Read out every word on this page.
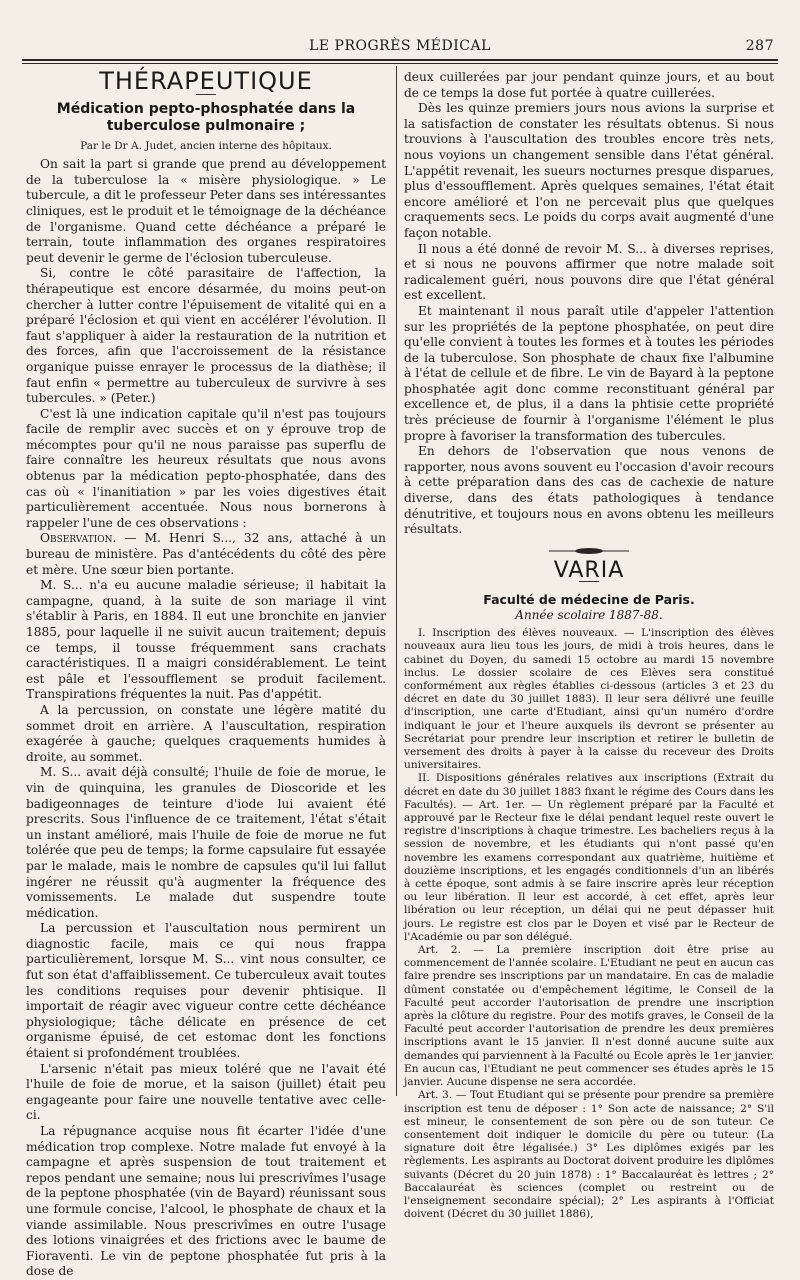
LE PROGRÈS MÉDICAL	287
THÉRAPEUTIQUE
Médication pepto-phosphatée dans la tuberculose pulmonaire ;
Par le Dr A. Judet, ancien interne des hôpitaux.

On sait la part si grande que prend au développement de la tuberculose la « misère physiologique. » Le tubercule, a dit le professeur Peter dans ses intéressantes cliniques, est le produit et le témoignage de la déchéance de l'organisme. Quand cette déchéance a préparé le terrain, toute inflammation des organes respiratoires peut devenir le germe de l'éclosion tuberculeuse.

Si, contre le côté parasitaire de l'affection, la thérapeutique est encore désarmée, du moins peut-on chercher à lutter contre l'épuisement de vitalité qui en a préparé l'éclosion et qui vient en accélérer l'évolution. Il faut s'appliquer à aider la restauration de la nutrition et des forces, afin que l'accroissement de la résistance organique puisse enrayer le processus de la diathèse; il faut enfin « permettre au tuberculeux de survivre à ses tubercules. » (Peter.)

C'est là une indication capitale qu'il n'est pas toujours facile de remplir avec succès et on y éprouve trop de mécomptes pour qu'il ne nous paraisse pas superflu de faire connaître les heureux résultats que nous avons obtenus par la médication pepto-phosphatée, dans des cas où « l'inanitiation » par les voies digestives était particulièrement accentuée. Nous nous bornerons à rappeler l'une de ces observations :

Observation. — M. Henri S..., 32 ans, attaché à un bureau de ministère. Pas d'antécédents du côté des père et mère. Une sœur bien portante.

M. S... n'a eu aucune maladie sérieuse; il habitait la campagne, quand, à la suite de son mariage il vint s'établir à Paris, en 1884. Il eut une bronchite en janvier 1885, pour laquelle il ne suivit aucun traitement; depuis ce temps, il tousse fréquemment sans crachats caractéristiques. Il a maigri considérablement. Le teint est pâle et l'essoufflement se produit facilement. Transpirations fréquentes la nuit. Pas d'appétit.

A la percussion, on constate une légère matité du sommet droit en arrière. A l'auscultation, respiration exagérée à gauche; quelques craquements humides à droite, au sommet.

M. S... avait déjà consulté; l'huile de foie de morue, le vin de quinquina, les granules de Dioscoride et les badigeonnages de teinture d'iode lui avaient été prescrits. Sous l'influence de ce traitement, l'état s'était un instant amélioré, mais l'huile de foie de morue ne fut tolérée que peu de temps; la forme capsulaire fut essayée par le malade, mais le nombre de capsules qu'il lui fallut ingérer ne réussit qu'à augmenter la fréquence des vomissements. Le malade dut suspendre toute médication.

La percussion et l'auscultation nous permirent un diagnostic facile, mais ce qui nous frappa particulièrement, lorsque M. S... vint nous consulter, ce fut son état d'affaiblissement. Ce tuberculeux avait toutes les conditions requises pour devenir phtisique. Il importait de réagir avec vigueur contre cette déchéance physiologique; tâche délicate en présence de cet organisme épuisé, de cet estomac dont les fonctions étaient si profondément troublées.

L'arsenic n'était pas mieux toléré que ne l'avait été l'huile de foie de morue, et la saison (juillet) était peu engageante pour faire une nouvelle tentative avec celle-ci.

La répugnance acquise nous fit écarter l'idée d'une médication trop complexe. Notre malade fut envoyé à la campagne et après suspension de tout traitement et repos pendant une semaine; nous lui prescrivîmes l'usage de la peptone phosphatée (vin de Bayard) réunissant sous une formule concise, l'alcool, le phosphate de chaux et la viande assimilable. Nous prescrivîmes en outre l'usage des lotions vinaigrées et des frictions avec le baume de Fioraventi. Le vin de peptone phosphatée fut pris à la dose de

deux cuillerées par jour pendant quinze jours, et au bout de ce temps la dose fut portée à quatre cuillerées.

Dès les quinze premiers jours nous avions la surprise et la satisfaction de constater les résultats obtenus. Si nous trouvions à l'auscultation des troubles encore très nets, nous voyions un changement sensible dans l'état général. L'appétit revenait, les sueurs nocturnes presque disparues, plus d'essoufflement. Après quelques semaines, l'état était encore amélioré et l'on ne percevait plus que quelques craquements secs. Le poids du corps avait augmenté d'une façon notable.

Il nous a été donné de revoir M. S... à diverses reprises, et si nous ne pouvons affirmer que notre malade soit radicalement guéri, nous pouvons dire que l'état général est excellent.

Et maintenant il nous paraît utile d'appeler l'attention sur les propriétés de la peptone phosphatée, on peut dire qu'elle convient à toutes les formes et à toutes les périodes de la tuberculose. Son phosphate de chaux fixe l'albumine à l'état de cellule et de fibre. Le vin de Bayard à la peptone phosphatée agit donc comme reconstituant général par excellence et, de plus, il a dans la phtisie cette propriété très précieuse de fournir à l'organisme l'élément le plus propre à favoriser la transformation des tubercules.

En dehors de l'observation que nous venons de rapporter, nous avons souvent eu l'occasion d'avoir recours à cette préparation dans des cas de cachexie de nature diverse, dans des états pathologiques à tendance dénutritive, et toujours nous en avons obtenu les meilleurs résultats.

VARIA
Faculté de médecine de Paris.
Année scolaire 1887-88.

I. Inscription des élèves nouveaux. — L'inscription des élèves nouveaux aura lieu tous les jours, de midi à trois heures, dans le cabinet du Doyen, du samedi 15 octobre au mardi 15 novembre inclus. Le dossier scolaire de ces Elèves sera constitué conformément aux règles établies ci-dessous (articles 3 et 23 du décret en date du 30 juillet 1883). Il leur sera délivré une feuille d'inscription, une carte d'Etudiant, ainsi qu'un numéro d'ordre indiquant le jour et l'heure auxquels ils devront se présenter au Secrétariat pour prendre leur inscription et retirer le bulletin de versement des droits à payer à la caisse du receveur des Droits universitaires.

II. Dispositions générales relatives aux inscriptions (Extrait du décret en date du 30 juillet 1883 fixant le régime des Cours dans les Facultés). — Art. 1er. — Un règlement préparé par la Faculté et approuvé par le Recteur fixe le délai pendant lequel reste ouvert le registre d'inscriptions à chaque trimestre. Les bacheliers reçus à la session de novembre, et les étudiants qui n'ont passé qu'en novembre les examens correspondant aux quatrième, huitième et douzième inscriptions, et les engagés conditionnels d'un an libérés à cette époque, sont admis à se faire inscrire après leur réception ou leur libération. Il leur est accordé, à cet effet, après leur libération ou leur réception, un délai qui ne peut dépasser huit jours. Le registre est clos par le Doyen et visé par le Recteur de l'Académie ou par son délégué.

Art. 2. — La première inscription doit être prise au commencement de l'année scolaire. L'Etudiant ne peut en aucun cas faire prendre ses inscriptions par un mandataire. En cas de maladie dûment constatée ou d'empêchement légitime, le Conseil de la Faculté peut accorder l'autorisation de prendre une inscription après la clôture du registre. Pour des motifs graves, le Conseil de la Faculté peut accorder l'autorisation de prendre les deux premières inscriptions avant le 15 janvier. Il n'est donné aucune suite aux demandes qui parviennent à la Faculté ou Ecole après le 1er janvier. En aucun cas, l'Etudiant ne peut commencer ses études après le 15 janvier. Aucune dispense ne sera accordée.

Art. 3. — Tout Etudiant qui se présente pour prendre sa première inscription est tenu de déposer : 1° Son acte de naissance; 2° S'il est mineur, le consentement de son père ou de son tuteur. Ce consentement doit indiquer le domicile du père ou tuteur. (La signature doit être légalisée.) 3° Les diplômes exigés par les règlements. Les aspirants au Doctorat doivent produire les diplômes suivants (Décret du 20 juin 1878) : 1° Baccalauréat ès lettres ; 2° Baccalauréat ès sciences (complet ou restreint ou de l'enseignement secondaire spécial); 2° Les aspirants à l'Officiat doivent (Décret du 30 juillet 1886),
